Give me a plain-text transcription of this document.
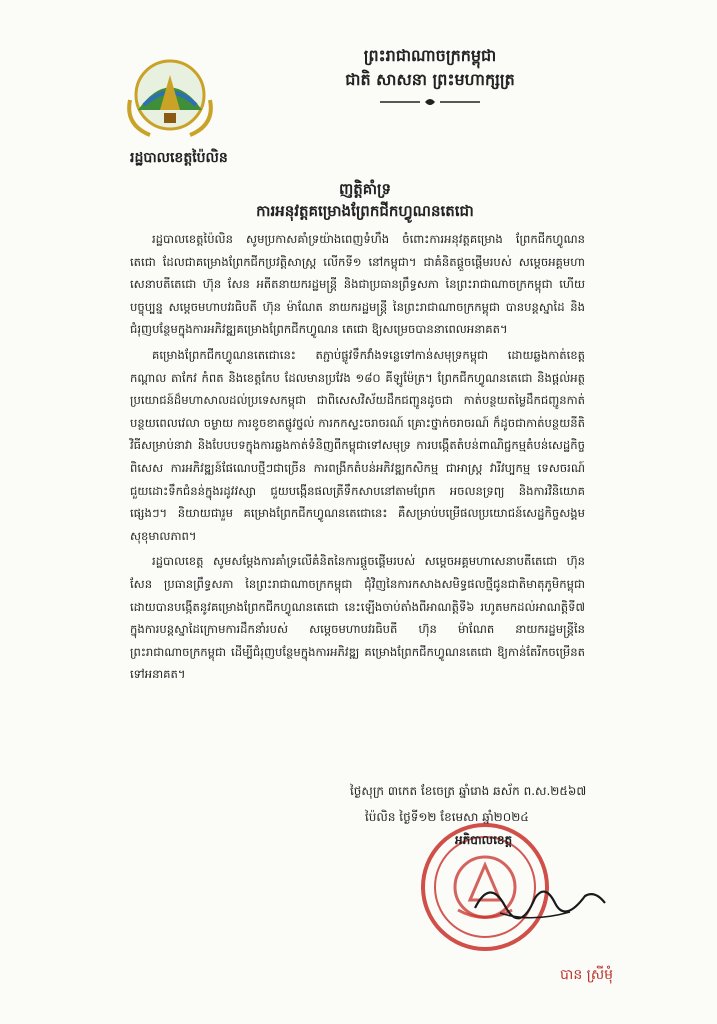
ព្រះរាជាណាចក្រកម្ពុជា
ជាតិ សាសនា ព្រះមហាក្សត្រ
រដ្ឋបាលខេត្តប៉ៃលិន
ញត្តិគាំទ្រ
ការអនុវត្តគម្រោងព្រែកជីកហ្វូណនតេជោ

រដ្ឋបាលខេត្តប៉ៃលិន សូមប្រកាសគាំទ្រយ៉ាងពេញទំហឹង ចំពោះការអនុវត្តគម្រោង ព្រែកជីកហ្វូណន តេជោ ដែលជាគម្រោងព្រែកជីកប្រវត្តិសាស្ត្រ លើកទី១ នៅកម្ពុជា។ ជាគំនិតផ្តួចផ្តើមរបស់ សម្តេចអគ្គមហាសេនាបតីតេជោ ហ៊ុន សែន អតីតនាយករដ្ឋមន្ត្រី និងជាប្រធានព្រឹទ្ធសភា នៃព្រះរាជាណាចក្រកម្ពុជា ហើយបច្ចុប្បន្ន សម្តេចមហាបវរធិបតី ហ៊ុន ម៉ាណែត នាយករដ្ឋមន្ត្រី នៃព្រះរាជាណាចក្រកម្ពុជា បានបន្តស្នាដៃ និងជំរុញបន្ថែមក្នុងការអភិវឌ្ឍគម្រោងព្រែកជីកហ្វូណន តេជោ ឱ្យសម្រេចបាននាពេលអនាគត។

គម្រោងព្រែកជីកហ្វូណនតេជោនេះ តភ្ជាប់ផ្លូវទឹកវាំងទន្លេទៅកាន់សមុទ្រកម្ពុជា ដោយឆ្លងកាត់ខេត្តកណ្តាល តាកែវ កំពត និងខេត្តកែប ដែលមានប្រវែង ១៨០ គីឡូម៉ែត្រ។ ព្រែកជីកហ្វូណនតេជោ និងផ្តល់អត្ថប្រយោជន៍ដ៏មហាសាលដល់ប្រទេសកម្ពុជា ជាពិសេសវិស័យដឹកជញ្ជូនដូចជា កាត់បន្ថយតម្លៃដឹកជញ្ជូនកាត់បន្ថយពេលវេលា ចម្ងាយ ការខូចខាតផ្លូវថ្នល់ ការកកស្ទះចរាចរណ៍ គ្រោះថ្នាក់ចរាចរណ៍ ក៏ដូចជាកាត់បន្ថយនីតិវិធីសម្រាប់នាវា និងបែបបទក្នុងការឆ្លងកាត់ទំនិញពីកម្ពុជាទៅសមុទ្រ ការបង្កើតតំបន់ពាណិជ្ជកម្មតំបន់សេដ្ឋកិច្ចពិសេស ការអភិវឌ្ឍន៍ផែណេបថ្មីៗជាច្រើន ការពង្រីកតំបន់អភិវឌ្ឍកសិកម្ម ជាអាស្រ្ត វារីវប្បកម្ម ទេសចរណ៍ ជួយដោះទឹកជំនន់ក្នុងរដូវវស្សា ជួយបង្កើនផលត្រីទឹកសាបនៅតាមព្រែក អចលនទ្រព្យ និងការវិនិយោគផ្សេងៗ។ និយាយជារួម គម្រោងព្រែកជីកហ្វូណនតេជោនេះ គឺសម្រាប់បម្រើផលប្រយោជន៍សេដ្ឋកិច្ចសង្គមសុខុមាលភាព។

រដ្ឋបាលខេត្ត សូមសម្តែងការគាំទ្រលើគំនិតនៃការផ្តួចផ្តើមរបស់ សម្តេចអគ្គមហាសេនាបតីតេជោ ហ៊ុន សែន ប្រធានព្រឹទ្ធសភា នៃព្រះរាជាណាចក្រកម្ពុជា ជុំវិញនៃការកសាងសមិទ្ធផលថ្មីជូនជាតិមាតុភូមិកម្ពុជា ដោយបានបង្កើតនូវគម្រោងព្រែកជីកហ្វូណនតេជោ នេះឡើងចាប់តាំងពីអាណត្តិទី៦ រហូតមកដល់អាណត្តិទី៧ ក្នុងការបន្តស្នាដៃក្រោមការដឹកនាំរបស់ សម្តេចមហាបវរធិបតី ហ៊ុន ម៉ាណែត នាយករដ្ឋមន្ត្រីនៃព្រះរាជាណាចក្រកម្ពុជា ដើម្បីជំរុញបន្ថែមក្នុងការអភិវឌ្ឍ គម្រោងព្រែកជីកហ្វូណនតេជោ ឱ្យកាន់តែរីកចម្រើនតទៅអនាគត។

ថ្ងៃសុក្រ ៣កេត ខែចេត្រ ឆ្នាំរោង ឆស័ក ព.ស.២៥៦៧
ប៉ៃលិន ថ្ងៃទី១២ ខែមេសា ឆ្នាំ២០២៤
អភិបាលខេត្ត
បាន ស្រីមុំ
